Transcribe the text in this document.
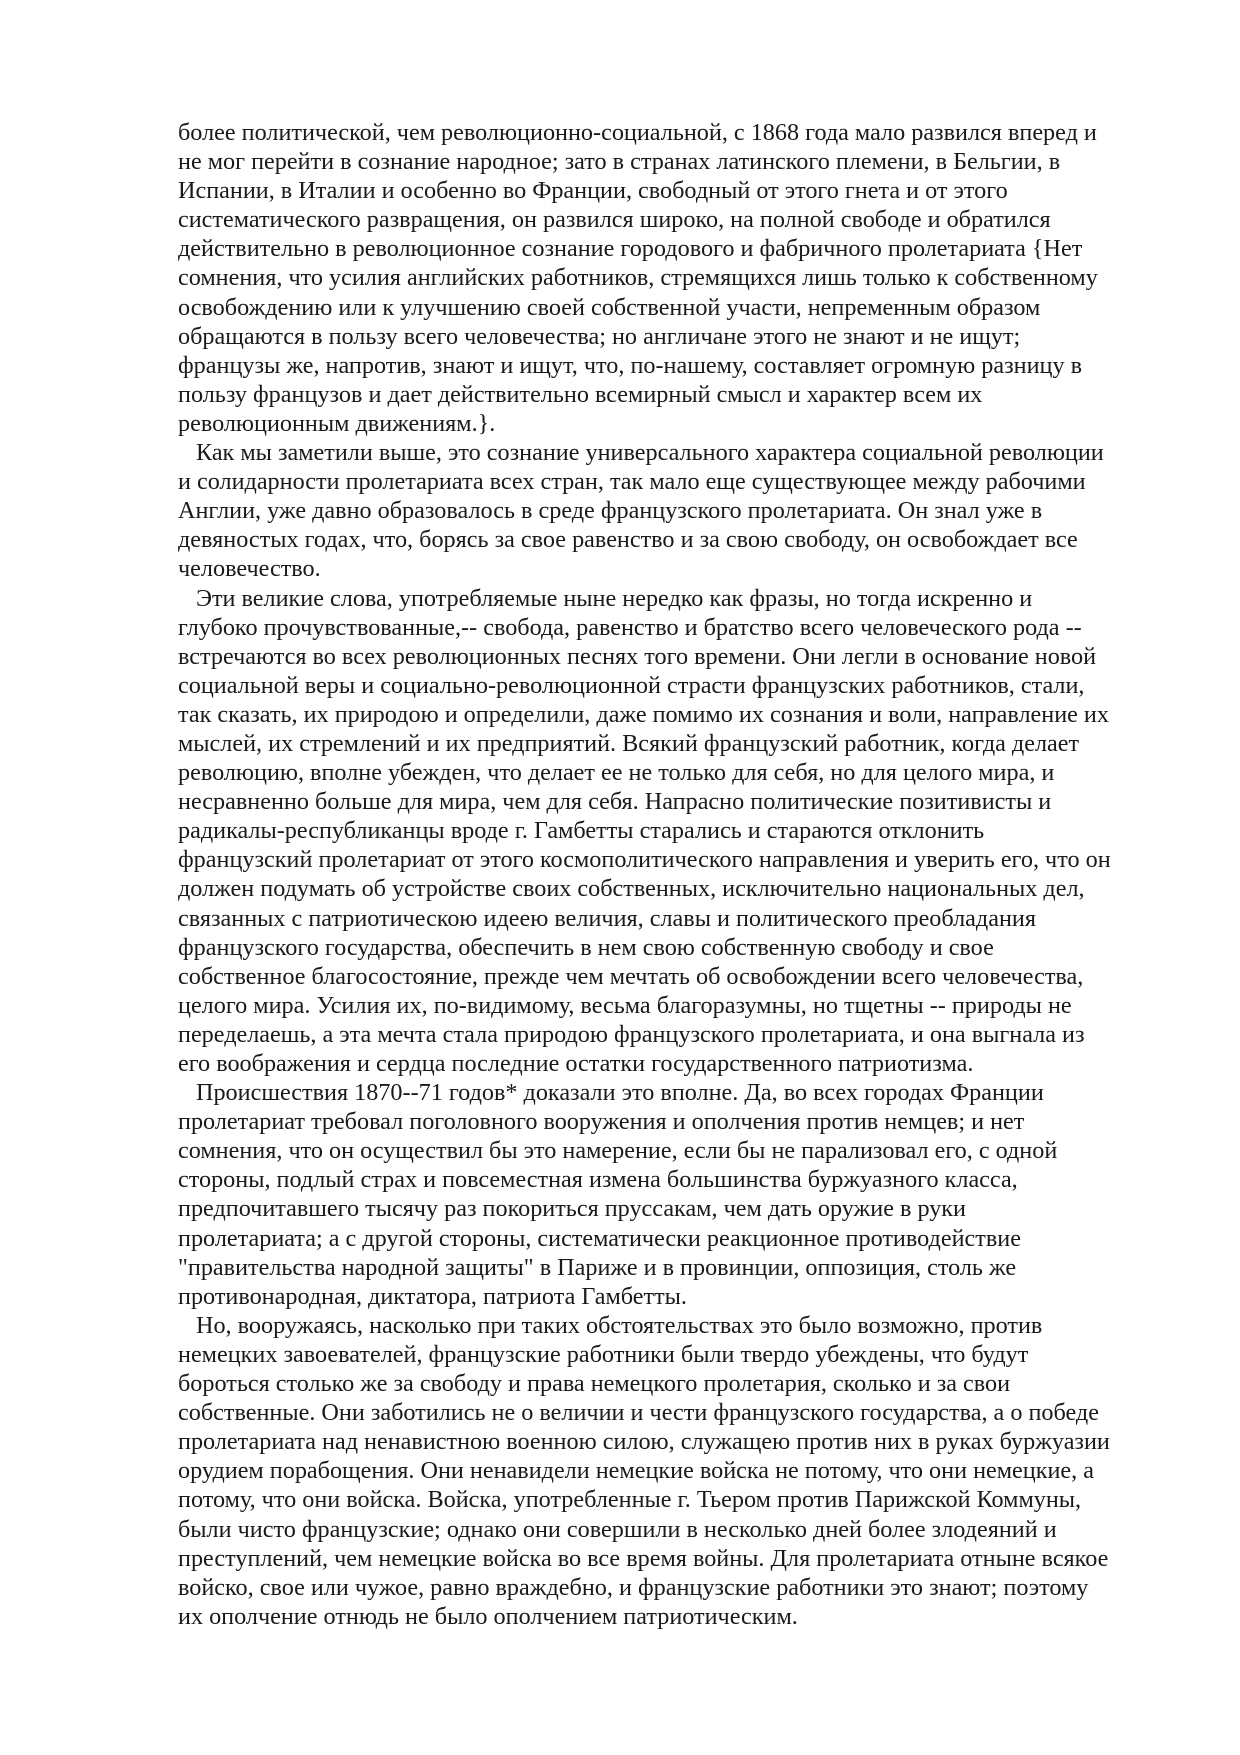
более политической, чем революционно-социальной, с 1868 года мало развился вперед и
не мог перейти в сознание народное; зато в странах латинского племени, в Бельгии, в
Испании, в Италии и особенно во Франции, свободный от этого гнета и от этого
систематического развращения, он развился широко, на полной свободе и обратился
действительно в революционное сознание городового и фабричного пролетариата {Нет
сомнения, что усилия английских работников, стремящихся лишь только к собственному
освобождению или к улучшению своей собственной участи, непременным образом
обращаются в пользу всего человечества; но англичане этого не знают и не ищут;
французы же, напротив, знают и ищут, что, по-нашему, составляет огромную разницу в
пользу французов и дает действительно всемирный смысл и характер всем их
революционным движениям.}.
Как мы заметили выше, это сознание универсального характера социальной революции
и солидарности пролетариата всех стран, так мало еще существующее между рабочими
Англии, уже давно образовалось в среде французского пролетариата. Он знал уже в
девяностых годах, что, борясь за свое равенство и за свою свободу, он освобождает все
человечество.
Эти великие слова, употребляемые ныне нередко как фразы, но тогда искренно и
глубоко прочувствованные,-- свобода, равенство и братство всего человеческого рода --
встречаются во всех революционных песнях того времени. Они легли в основание новой
социальной веры и социально-революционной страсти французских работников, стали,
так сказать, их природою и определили, даже помимо их сознания и воли, направление их
мыслей, их стремлений и их предприятий. Всякий французский работник, когда делает
революцию, вполне убежден, что делает ее не только для себя, но для целого мира, и
несравненно больше для мира, чем для себя. Напрасно политические позитивисты и
радикалы-республиканцы вроде г. Гамбетты старались и стараются отклонить
французский пролетариат от этого космополитического направления и уверить его, что он
должен подумать об устройстве своих собственных, исключительно национальных дел,
связанных с патриотическою идеею величия, славы и политического преобладания
французского государства, обеспечить в нем свою собственную свободу и свое
собственное благосостояние, прежде чем мечтать об освобождении всего человечества,
целого мира. Усилия их, по-видимому, весьма благоразумны, но тщетны -- природы не
переделаешь, а эта мечта стала природою французского пролетариата, и она выгнала из
его воображения и сердца последние остатки государственного патриотизма.
Происшествия 1870--71 годов* доказали это вполне. Да, во всех городах Франции
пролетариат требовал поголовного вооружения и ополчения против немцев; и нет
сомнения, что он осуществил бы это намерение, если бы не парализовал его, с одной
стороны, подлый страх и повсеместная измена большинства буржуазного класса,
предпочитавшего тысячу раз покориться пруссакам, чем дать оружие в руки
пролетариата; а с другой стороны, систематически реакционное противодействие
"правительства народной защиты" в Париже и в провинции, оппозиция, столь же
противонародная, диктатора, патриота Гамбетты.
Но, вооружаясь, насколько при таких обстоятельствах это было возможно, против
немецких завоевателей, французские работники были твердо убеждены, что будут
бороться столько же за свободу и права немецкого пролетария, сколько и за свои
собственные. Они заботились не о величии и чести французского государства, а о победе
пролетариата над ненавистною военною силою, служащею против них в руках буржуазии
орудием порабощения. Они ненавидели немецкие войска не потому, что они немецкие, а
потому, что они войска. Войска, употребленные г. Тьером против Парижской Коммуны,
были чисто французские; однако они совершили в несколько дней более злодеяний и
преступлений, чем немецкие войска во все время войны. Для пролетариата отныне всякое
войско, свое или чужое, равно враждебно, и французские работники это знают; поэтому
их ополчение отнюдь не было ополчением патриотическим.
